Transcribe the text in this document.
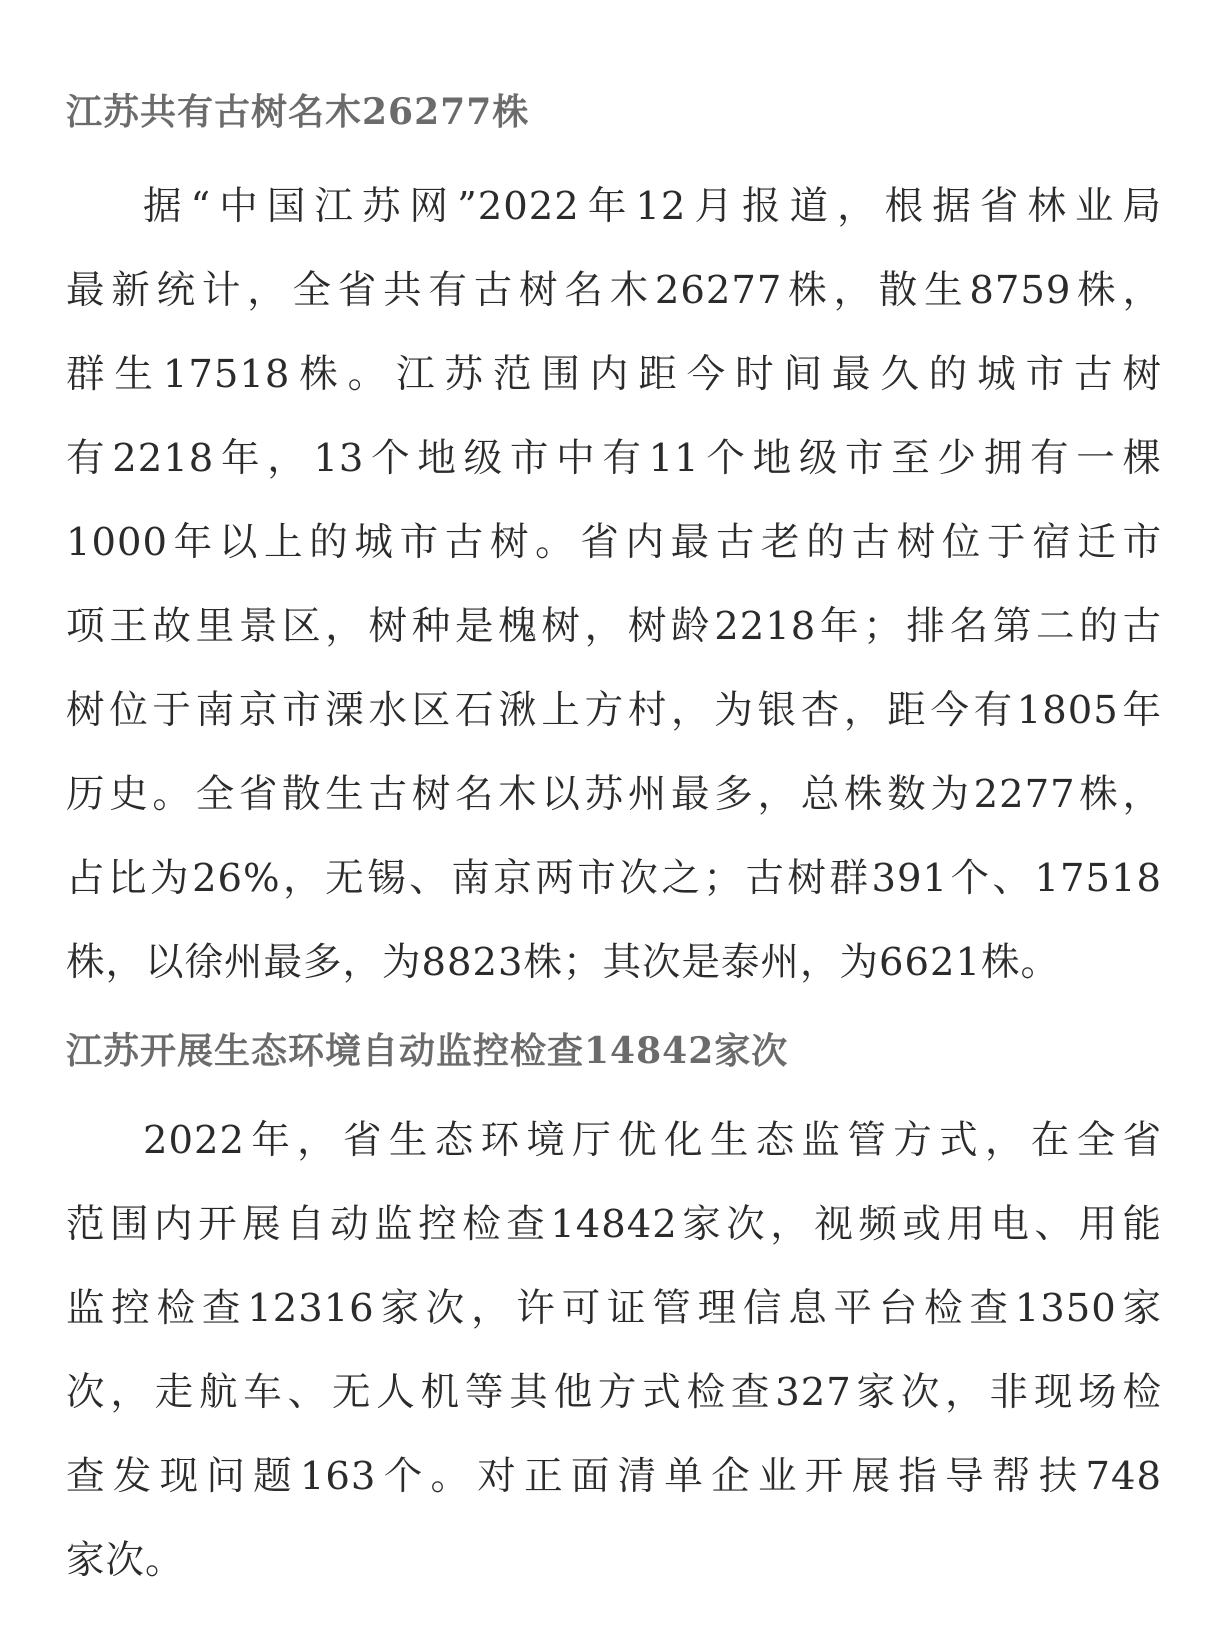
江苏共有古树名木26277株
据“中国江苏网”2022年12月报道，根据省林业局
最新统计，全省共有古树名木26277株，散生8759株，
群生17518株。江苏范围内距今时间最久的城市古树
有2218年，13个地级市中有11个地级市至少拥有一棵
1000年以上的城市古树。省内最古老的古树位于宿迁市
项王故里景区，树种是槐树，树龄2218年；排名第二的古
树位于南京市溧水区石湫上方村，为银杏，距今有1805年
历史。全省散生古树名木以苏州最多，总株数为2277株，
占比为26%，无锡、南京两市次之；古树群391个、17518
株，以徐州最多，为8823株；其次是泰州，为6621株。
江苏开展生态环境自动监控检查14842家次
2022年，省生态环境厅优化生态监管方式，在全省
范围内开展自动监控检查14842家次，视频或用电、用能
监控检查12316家次，许可证管理信息平台检查1350家
次，走航车、无人机等其他方式检查327家次，非现场检
查发现问题163个。对正面清单企业开展指导帮扶748
家次。
